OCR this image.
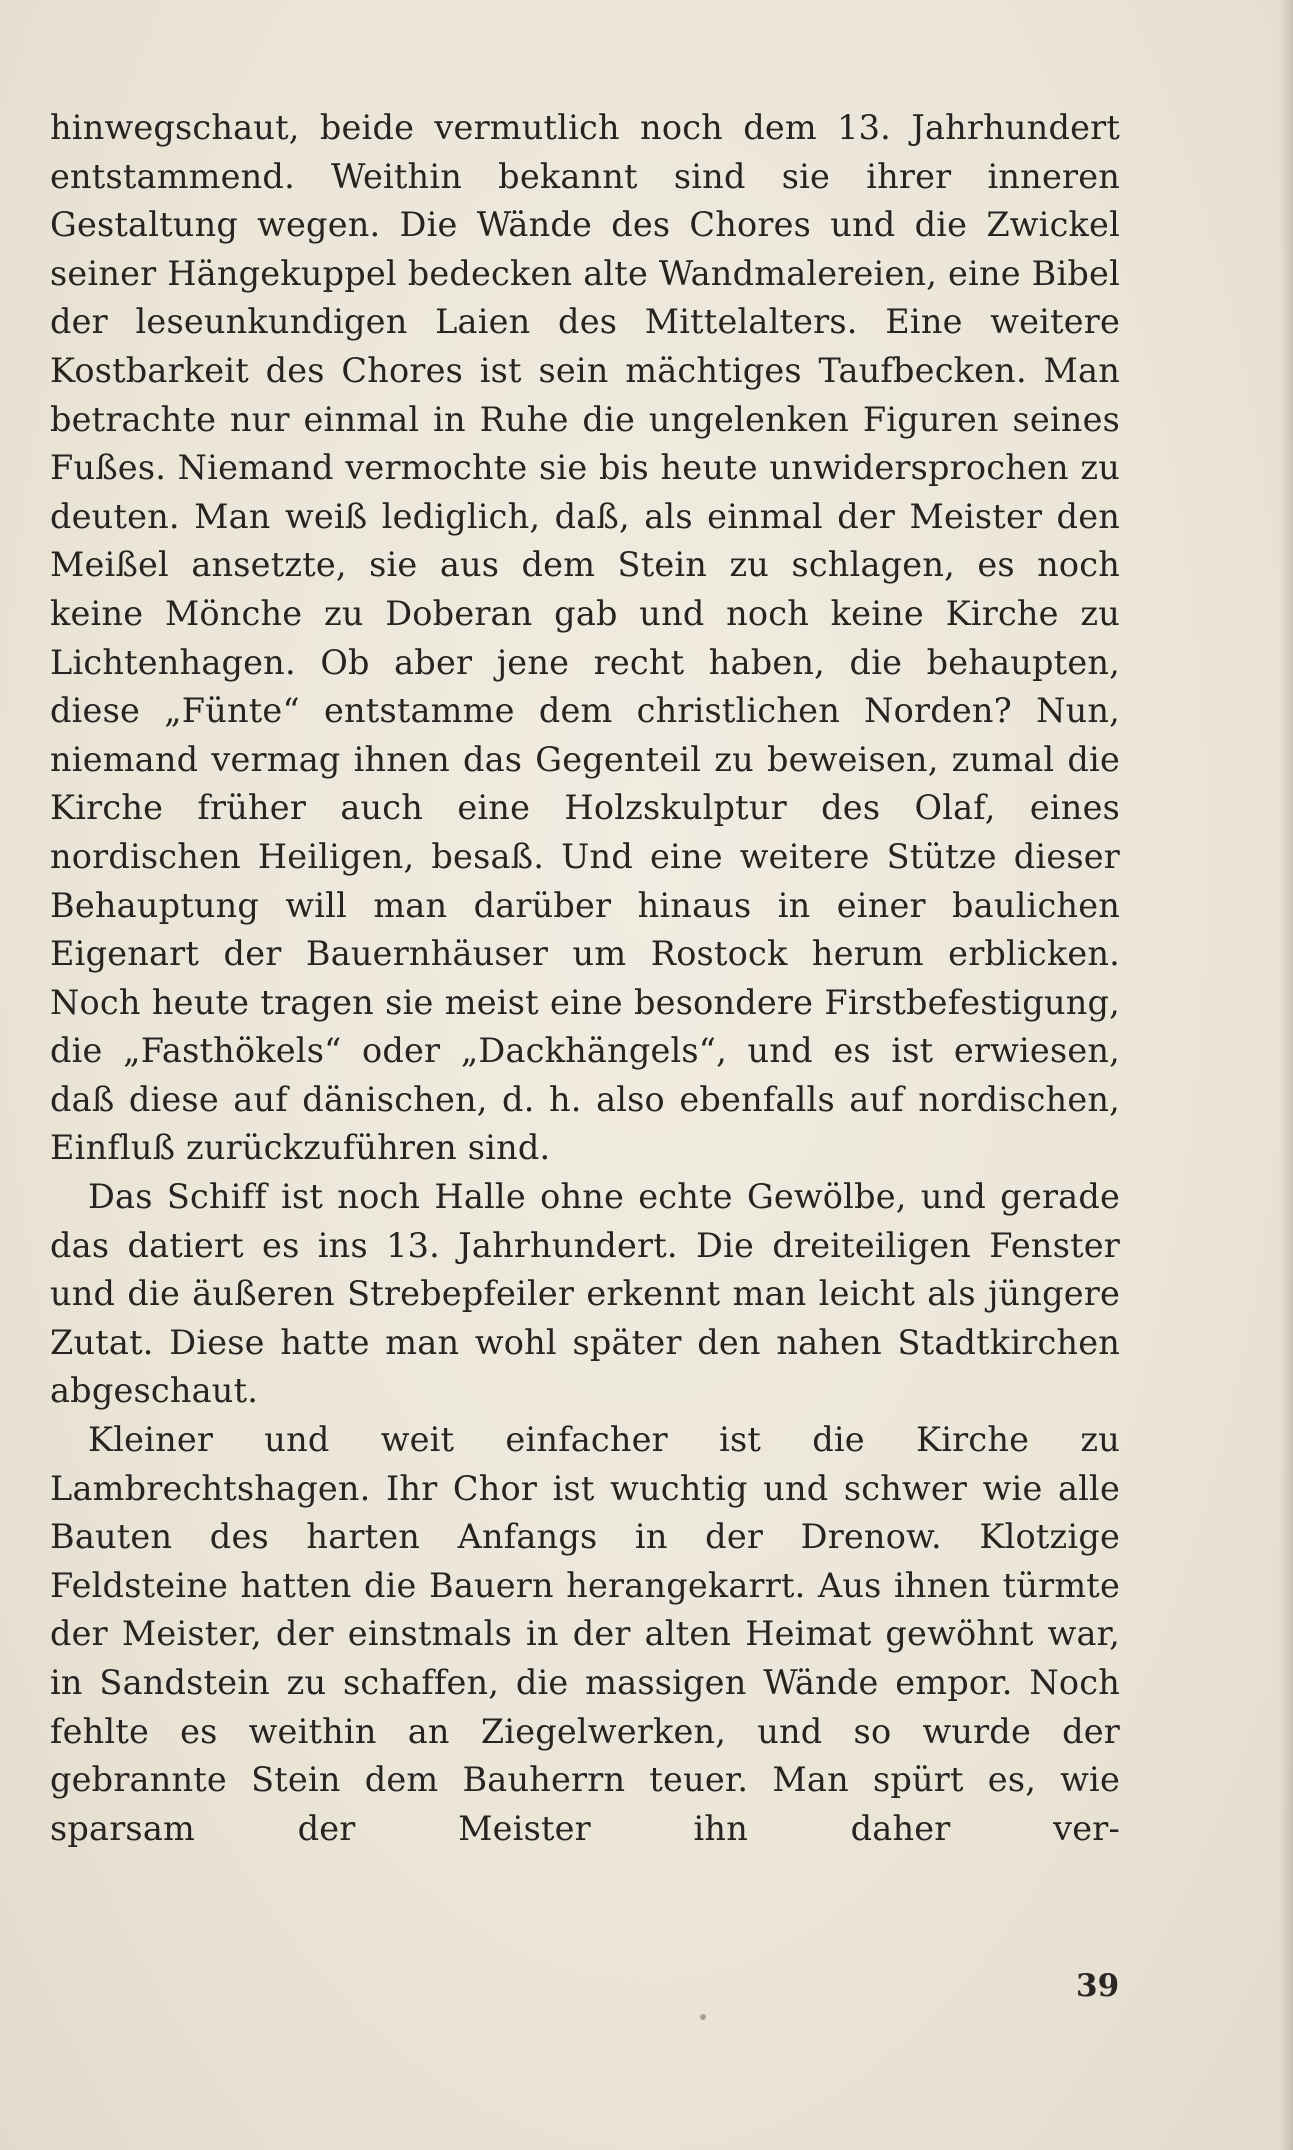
hinwegschaut, beide vermutlich noch dem 13. Jahrhundert entstammend. Weithin bekannt sind sie ihrer inneren Gestaltung wegen. Die Wände des Chores und die Zwickel seiner Hängekuppel bedecken alte Wandmalereien, eine Bibel der leseunkundigen Laien des Mittelalters. Eine weitere Kostbarkeit des Chores ist sein mächtiges Taufbecken. Man betrachte nur einmal in Ruhe die ungelenken Figuren seines Fußes. Niemand vermochte sie bis heute unwidersprochen zu deuten. Man weiß lediglich, daß, als einmal der Meister den Meißel ansetzte, sie aus dem Stein zu schlagen, es noch keine Mönche zu Doberan gab und noch keine Kirche zu Lichtenhagen. Ob aber jene recht haben, die behaupten, diese „Fünte“ entstamme dem christlichen Norden? Nun, niemand vermag ihnen das Gegenteil zu beweisen, zumal die Kirche früher auch eine Holzskulptur des Olaf, eines nordischen Heiligen, besaß. Und eine weitere Stütze dieser Behauptung will man darüber hinaus in einer baulichen Eigenart der Bauernhäuser um Rostock herum erblicken. Noch heute tragen sie meist eine besondere Firstbefestigung, die „Fasthökels“ oder „Dackhängels“, und es ist erwiesen, daß diese auf dänischen, d. h. also ebenfalls auf nordischen, Einfluß zurückzuführen sind.

Das Schiff ist noch Halle ohne echte Gewölbe, und gerade das datiert es ins 13. Jahrhundert. Die dreiteiligen Fenster und die äußeren Strebepfeiler erkennt man leicht als jüngere Zutat. Diese hatte man wohl später den nahen Stadtkirchen abgeschaut.

Kleiner und weit einfacher ist die Kirche zu Lambrechtshagen. Ihr Chor ist wuchtig und schwer wie alle Bauten des harten Anfangs in der Drenow. Klotzige Feldsteine hatten die Bauern herangekarrt. Aus ihnen türmte der Meister, der einstmals in der alten Heimat gewöhnt war, in Sandstein zu schaffen, die massigen Wände empor. Noch fehlte es weithin an Ziegelwerken, und so wurde der gebrannte Stein dem Bauherrn teuer. Man spürt es, wie sparsam der Meister ihn daher ver-

39
